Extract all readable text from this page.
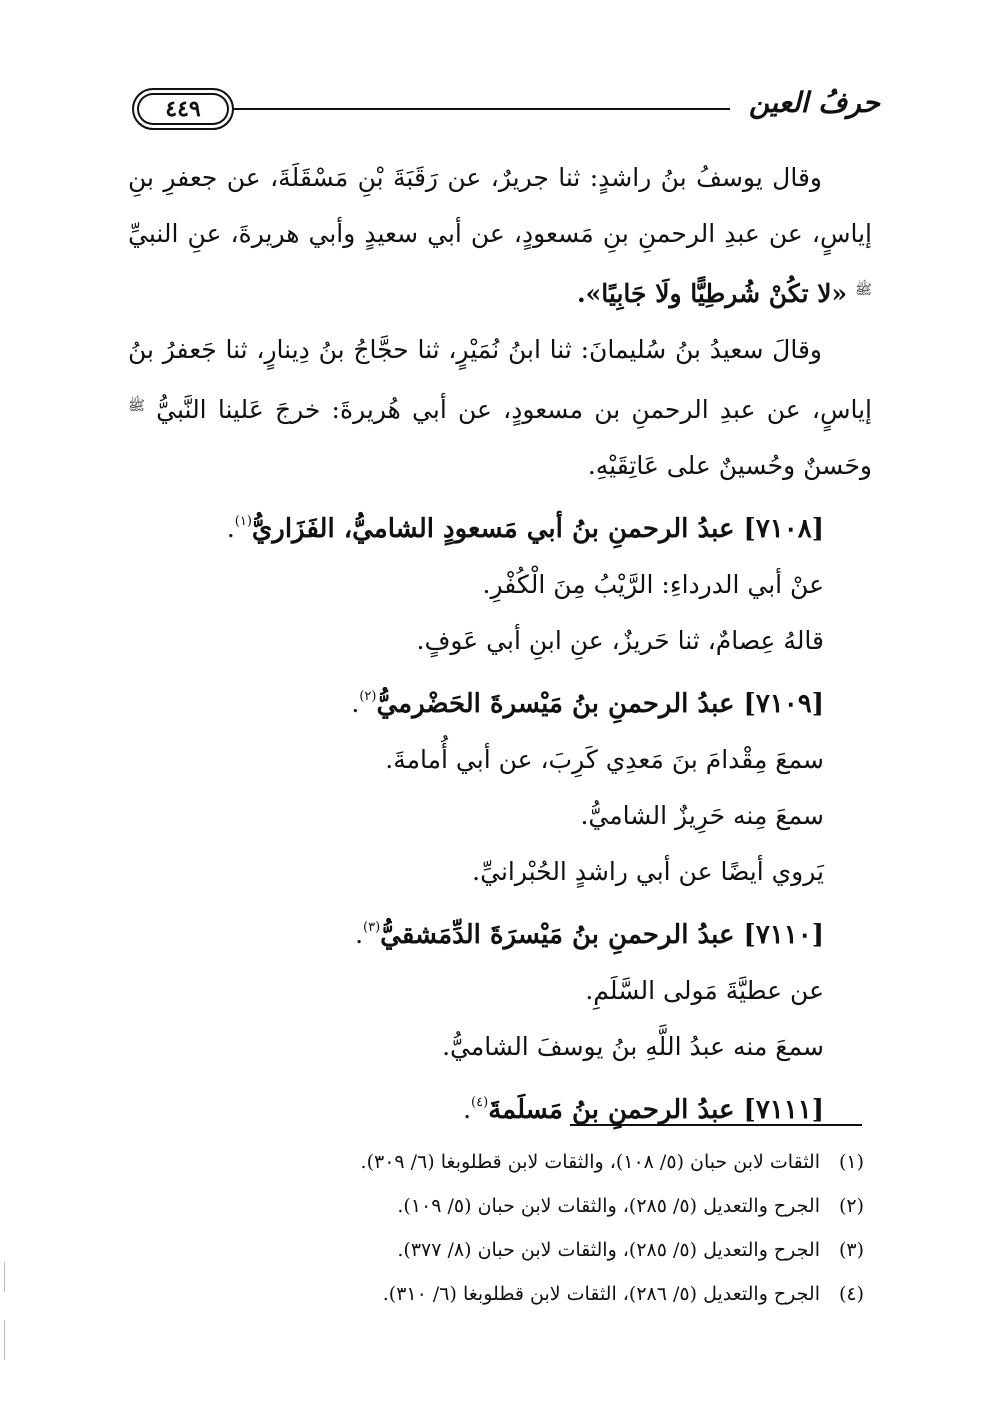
٤٤٩	حرفُ العين

وقال يوسفُ بنُ راشدٍ: ثنا جريرٌ، عن رَقَبَةَ بْنِ مَسْقَلَةَ، عن جعفرِ بنِ إياسٍ، عن عبدِ الرحمنِ بنِ مَسعودٍ، عن أبي سعيدٍ وأبي هريرةَ، عنِ النبيِّ $^ﷺ$ «لا تكُنْ شُرطِيًّا ولَا جَابِيًا».

وقالَ سعيدُ بنُ سُليمانَ: ثنا ابنُ نُمَيْرٍ، ثنا حجَّاجُ بنُ دِينارٍ، ثنا جَعفرُ بنُ إياسٍ، عن عبدِ الرحمنِ بن مسعودٍ، عن أبي هُريرةَ: خرجَ عَلينا النَّبيُّ $^ﷺ$ وحَسنٌ وحُسينٌ على عَاتِقَيْهِ.

[٧١٠٨] عبدُ الرحمنِ بنُ أبي مَسعودٍ الشاميُّ، الفَزَاريُّ$^{(١)}$.

عنْ أبي الدرداءِ: الرَّيْبُ مِنَ الْكُفْرِ.

قالهُ عِصامٌ، ثنا حَريزٌ، عنِ ابنِ أبي عَوفٍ.

[٧١٠٩] عبدُ الرحمنِ بنُ مَيْسرةَ الحَضْرميُّ$^{(٢)}$.

سمعَ مِقْدامَ بنَ مَعدِي كَرِبَ، عن أبي أُمامةَ.

سمعَ مِنه حَرِيزٌ الشاميُّ.

يَروي أيضًا عن أبي راشدٍ الحُبْرانيِّ.

[٧١١٠] عبدُ الرحمنِ بنُ مَيْسرَةَ الدِّمَشقيُّ$^{(٣)}$.

عن عطيَّةَ مَولى السَّلَمِ.

سمعَ منه عبدُ اللَّهِ بنُ يوسفَ الشاميُّ.

[٧١١١] عبدُ الرحمنِ بنُ مَسلَمةَ$^{(٤)}$.

(١)الثقات لابن حبان (٥/ ١٠٨)، والثقات لابن قطلوبغا (٦/ ٣٠٩).

(٢)الجرح والتعديل (٥/ ٢٨٥)، والثقات لابن حبان (٥/ ١٠٩).

(٣)الجرح والتعديل (٥/ ٢٨٥)، والثقات لابن حبان (٨/ ٣٧٧).

(٤)الجرح والتعديل (٥/ ٢٨٦)، الثقات لابن قطلوبغا (٦/ ٣١٠).
